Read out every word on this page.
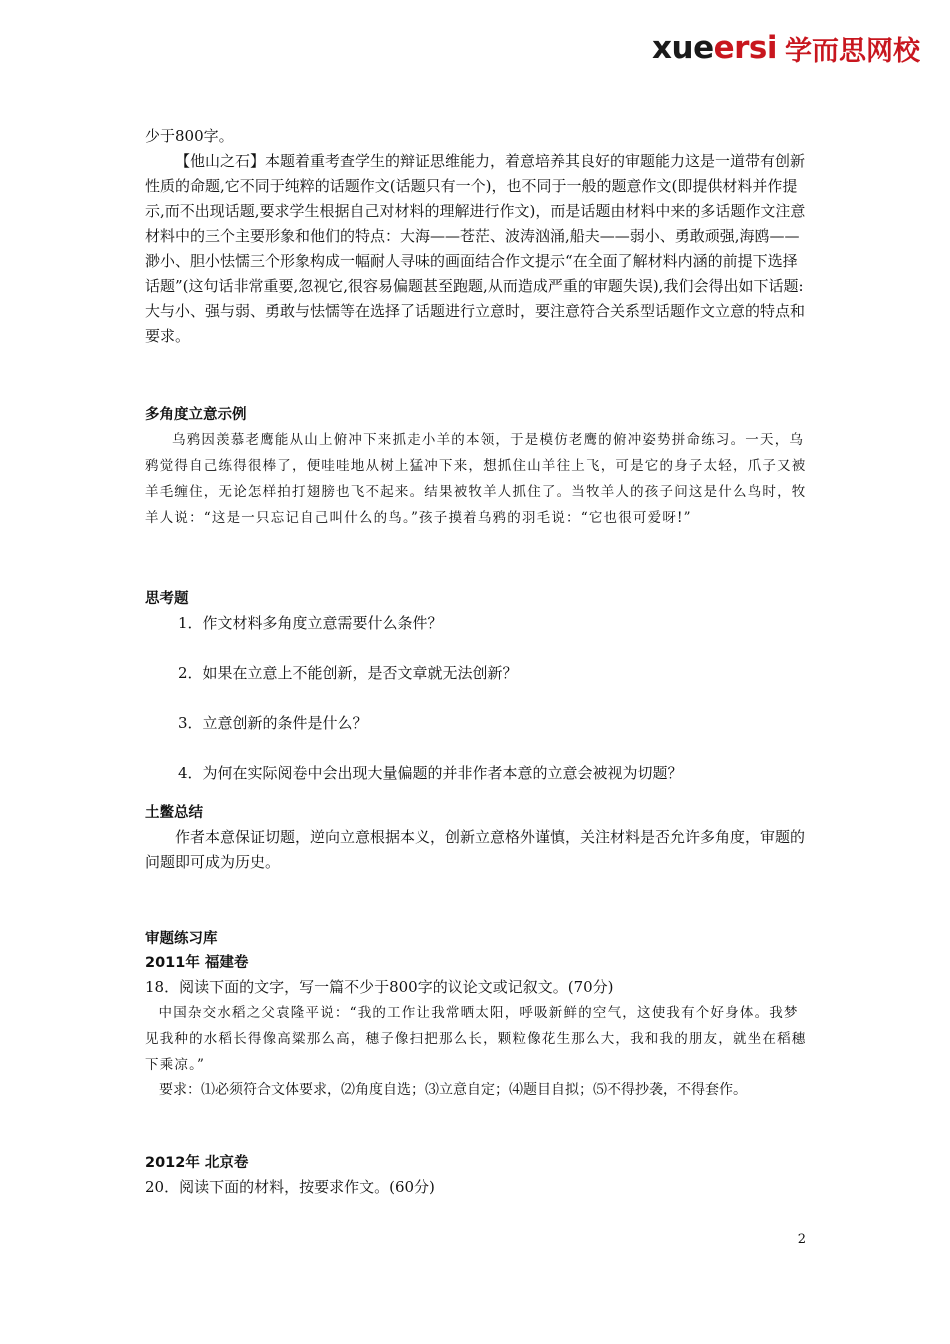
xueersi 学而思网校

少于800字。

【他山之石】本题着重考查学生的辩证思维能力，着意培养其良好的审题能力这是一道带有创新性质的命题,它不同于纯粹的话题作文(话题只有一个)，也不同于一般的题意作文(即提供材料并作提示,而不出现话题,要求学生根据自己对材料的理解进行作文)，而是话题由材料中来的多话题作文注意材料中的三个主要形象和他们的特点：大海——苍茫、波涛汹涌,船夫——弱小、勇敢顽强,海鸥——渺小、胆小怯懦三个形象构成一幅耐人寻味的画面结合作文提示“在全面了解材料内涵的前提下选择话题”(这句话非常重要,忽视它,很容易偏题甚至跑题,从而造成严重的审题失误),我们会得出如下话题:大与小、强与弱、勇敢与怯懦等在选择了话题进行立意时，要注意符合关系型话题作文立意的特点和要求。

多角度立意示例

乌鸦因羡慕老鹰能从山上俯冲下来抓走小羊的本领，于是模仿老鹰的俯冲姿势拼命练习。一天，乌鸦觉得自己练得很棒了，便哇哇地从树上猛冲下来，想抓住山羊往上飞，可是它的身子太轻，爪子又被羊毛缠住，无论怎样拍打翅膀也飞不起来。结果被牧羊人抓住了。当牧羊人的孩子问这是什么鸟时，牧羊人说：“这是一只忘记自己叫什么的鸟。”孩子摸着乌鸦的羽毛说：“它也很可爱呀!”

思考题

1．作文材料多角度立意需要什么条件？

2．如果在立意上不能创新，是否文章就无法创新？

3．立意创新的条件是什么？

4．为何在实际阅卷中会出现大量偏题的并非作者本意的立意会被视为切题？

土鳖总结

作者本意保证切题，逆向立意根据本义，创新立意格外谨慎，关注材料是否允许多角度，审题的问题即可成为历史。

审题练习库

2011年 福建卷

18．阅读下面的文字，写一篇不少于800字的议论文或记叙文。(70分)

中国杂交水稻之父袁隆平说：“我的工作让我常晒太阳，呼吸新鲜的空气，这使我有个好身体。我梦见我种的水稻长得像高粱那么高，穗子像扫把那么长，颗粒像花生那么大，我和我的朋友，就坐在稻穗下乘凉。”

要求：⑴必须符合文体要求，⑵角度自选；⑶立意自定；⑷题目自拟；⑸不得抄袭，不得套作。

2012年 北京卷

20．阅读下面的材料，按要求作文。(60分)

2
